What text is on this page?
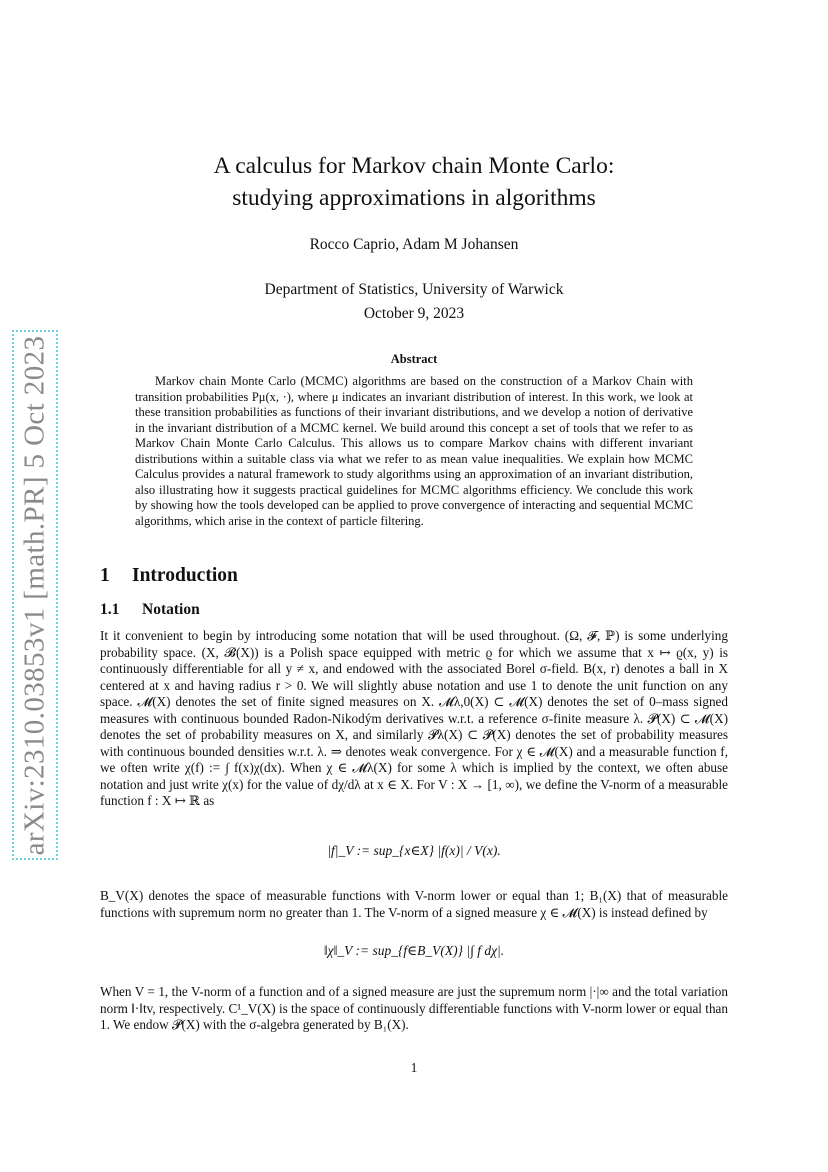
arXiv:2310.03853v1 [math.PR] 5 Oct 2023
A calculus for Markov chain Monte Carlo:
studying approximations in algorithms
Rocco Caprio, Adam M Johansen
Department of Statistics, University of Warwick
October 9, 2023
Abstract
Markov chain Monte Carlo (MCMC) algorithms are based on the construction of a Markov Chain with transition probabilities Pμ(x, ·), where μ indicates an invariant distribution of interest. In this work, we look at these transition probabilities as functions of their invariant distributions, and we develop a notion of derivative in the invariant distribution of a MCMC kernel. We build around this concept a set of tools that we refer to as Markov Chain Monte Carlo Calculus. This allows us to compare Markov chains with different invariant distributions within a suitable class via what we refer to as mean value inequalities. We explain how MCMC Calculus provides a natural framework to study algorithms using an approximation of an invariant distribution, also illustrating how it suggests practical guidelines for MCMC algorithms efficiency. We conclude this work by showing how the tools developed can be applied to prove convergence of interacting and sequential MCMC algorithms, which arise in the context of particle filtering.
1 Introduction
1.1 Notation
It it convenient to begin by introducing some notation that will be used throughout. (Ω, 𝓕, ℙ) is some underlying probability space. (X, 𝓑(X)) is a Polish space equipped with metric ϱ for which we assume that x ↦ ϱ(x, y) is continuously differentiable for all y ≠ x, and endowed with the associated Borel σ-field. B(x, r) denotes a ball in X centered at x and having radius r > 0. We will slightly abuse notation and use 1 to denote the unit function on any space. 𝓜(X) denotes the set of finite signed measures on X. 𝓜λ,0(X) ⊂ 𝓜(X) denotes the set of 0–mass signed measures with continuous bounded Radon-Nikodým derivatives w.r.t. a reference σ-finite measure λ. 𝓟(X) ⊂ 𝓜(X) denotes the set of probability measures on X, and similarly 𝓟λ(X) ⊂ 𝓟(X) denotes the set of probability measures with continuous bounded densities w.r.t. λ. ⇒ denotes weak convergence. For χ ∈ 𝓜(X) and a measurable function f, we often write χ(f) := ∫ f(x)χ(dx). When χ ∈ 𝓜λ(X) for some λ which is implied by the context, we often abuse notation and just write χ(x) for the value of dχ/dλ at x ∈ X. For V : X → [1, ∞), we define the V-norm of a measurable function f : X ↦ ℝ as
|f|_V := sup_{x∈X} |f(x)| / V(x).
B_V(X) denotes the space of measurable functions with V-norm lower or equal than 1; B₁(X) that of measurable functions with supremum norm no greater than 1. The V-norm of a signed measure χ ∈ 𝓜(X) is instead defined by
‖χ‖_V := sup_{f∈B_V(X)} |∫ f dχ|.
When V = 1, the V-norm of a function and of a signed measure are just the supremum norm |·|∞ and the total variation norm ‖·‖tv, respectively. C¹_V(X) is the space of continuously differentiable functions with V-norm lower or equal than 1. We endow 𝓟(X) with the σ-algebra generated by B₁(X).
1
